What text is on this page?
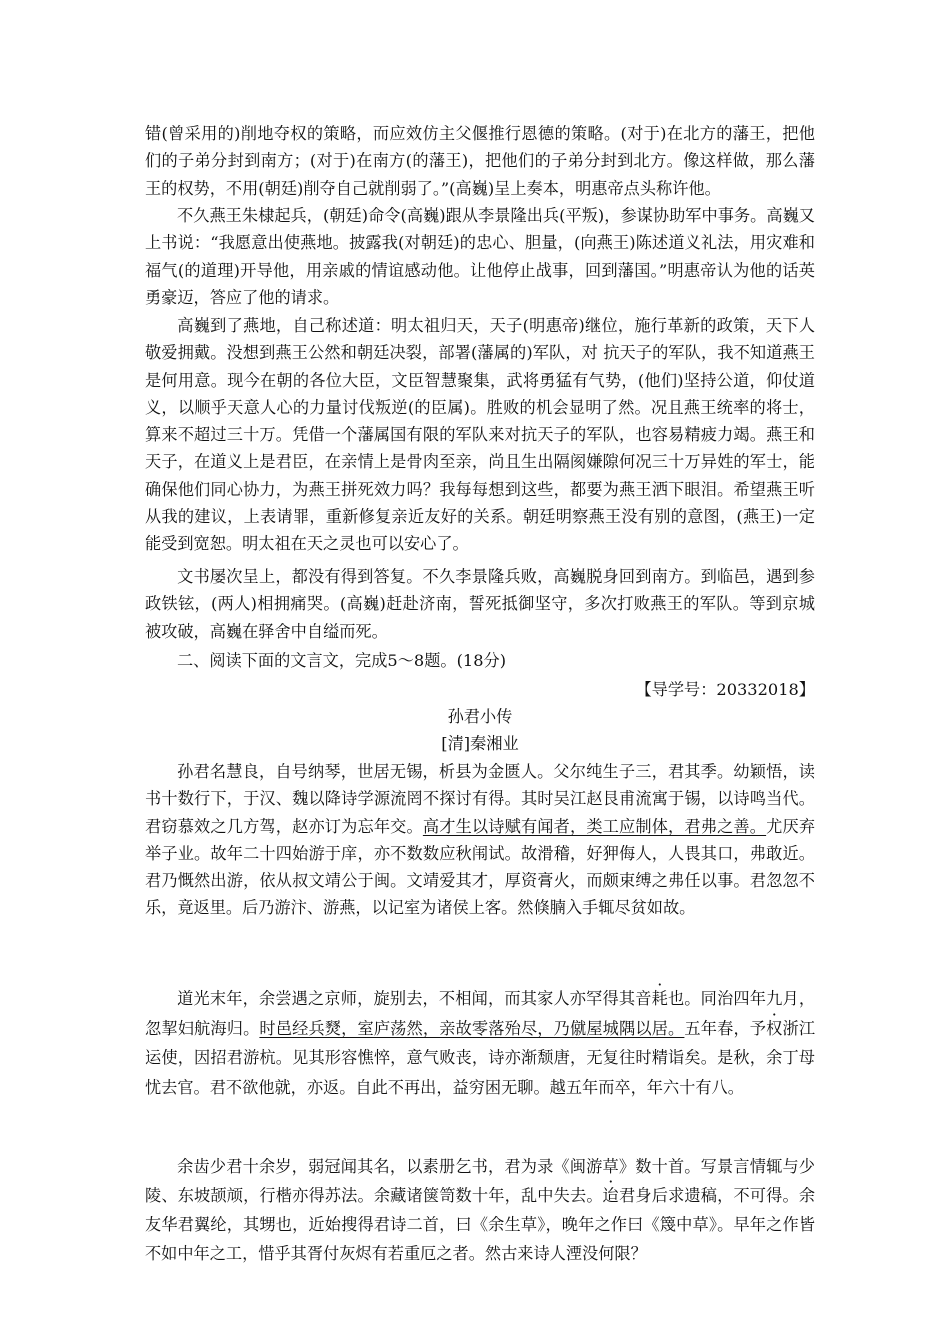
错(曾采用的)削地夺权的策略，而应效仿主父偃推行恩德的策略。(对于)在北方的藩王，把他们的子弟分封到南方；(对于)在南方(的藩王)，把他们的子弟分封到北方。像这样做，那么藩王的权势，不用(朝廷)削夺自己就削弱了。”(高巍)呈上奏本，明惠帝点头称许他。

不久燕王朱棣起兵，(朝廷)命令(高巍)跟从李景隆出兵(平叛)，参谋协助军中事务。高巍又上书说：“我愿意出使燕地。披露我(对朝廷)的忠心、胆量，(向燕王)陈述道义礼法，用灾难和福气(的道理)开导他，用亲戚的情谊感动他。让他停止战事，回到藩国。”明惠帝认为他的话英勇豪迈，答应了他的请求。

高巍到了燕地，自己称述道：明太祖归天，天子(明惠帝)继位，施行革新的政策，天下人敬爱拥戴。没想到燕王公然和朝廷决裂，部署(藩属的)军队，对 抗天子的军队，我不知道燕王是何用意。现今在朝的各位大臣，文臣智慧聚集，武将勇猛有气势，(他们)坚持公道，仰仗道义，以顺乎天意人心的力量讨伐叛逆(的臣属)。胜败的机会显明了然。况且燕王统率的将士，算来不超过三十万。凭借一个藩属国有限的军队来对抗天子的军队，也容易精疲力竭。燕王和天子，在道义上是君臣，在亲情上是骨肉至亲，尚且生出隔阂嫌隙何况三十万异姓的军士，能确保他们同心协力，为燕王拼死效力吗？我每每想到这些，都要为燕王洒下眼泪。希望燕王听从我的建议，上表请罪，重新修复亲近友好的关系。朝廷明察燕王没有别的意图，(燕王)一定能受到宽恕。明太祖在天之灵也可以安心了。

文书屡次呈上，都没有得到答复。不久李景隆兵败，高巍脱身回到南方。到临邑，遇到参政铁铉，(两人)相拥痛哭。(高巍)赶赴济南，誓死抵御坚守，多次打败燕王的军队。等到京城被攻破，高巍在驿舍中自缢而死。

二、阅读下面的文言文，完成5～8题。(18分)

【导学号：20332018】

孙君小传

[清]秦湘业

孙君名慧良，自号纳琴，世居无锡，析县为金匮人。父尔纯生子三，君其季。幼颖悟，读书十数行下，于汉、魏以降诗学源流罔不探讨有得。其时吴江赵艮甫流寓于锡，以诗鸣当代。君窃慕效之几方驾，赵亦订为忘年交。高才生以诗赋有闻者，类工应制体，君弗之善。尤厌弃举子业。故年二十四始游于庠，亦不数数应秋闱试。故滑稽，好狎侮人，人畏其口，弗敢近。君乃慨然出游，依从叔文靖公于闽。文靖爱其才，厚资膏火，而颇束缚之弗任以事。君忽忽不乐，竟返里。后乃游汴、游燕，以记室为诸侯上客。然倏腩入手辄尽贫如故。

道光末年，余尝遇之京师，旋别去，不相闻，而其家人亦罕得其音耗也。同治四年九月，忽挈妇航海归。时邑经兵燹，室庐荡然，亲故零落殆尽，乃僦屋城隅以居。五年春，予权浙江运使，因招君游杭。见其形容憔悴，意气败丧，诗亦渐颓唐，无复往时精诣矣。是秋，余丁母忧去官。君不欲他就，亦返。自此不再出，益穷困无聊。越五年而卒，年六十有八。

余齿少君十余岁，弱冠闻其名，以素册乞书，君为录《闽游草》数十首。写景言情辄与少陵、东坡颉颃，行楷亦得苏法。余藏诸箧笥数十年，乱中失去。迨君身后求遗稿，不可得。余友华君翼纶，其甥也，近始搜得君诗二首，曰《余生草》，晚年之作曰《篾中草》。早年之作皆不如中年之工，惜乎其胥付灰烬有若重厄之者。然古来诗人湮没何限？
